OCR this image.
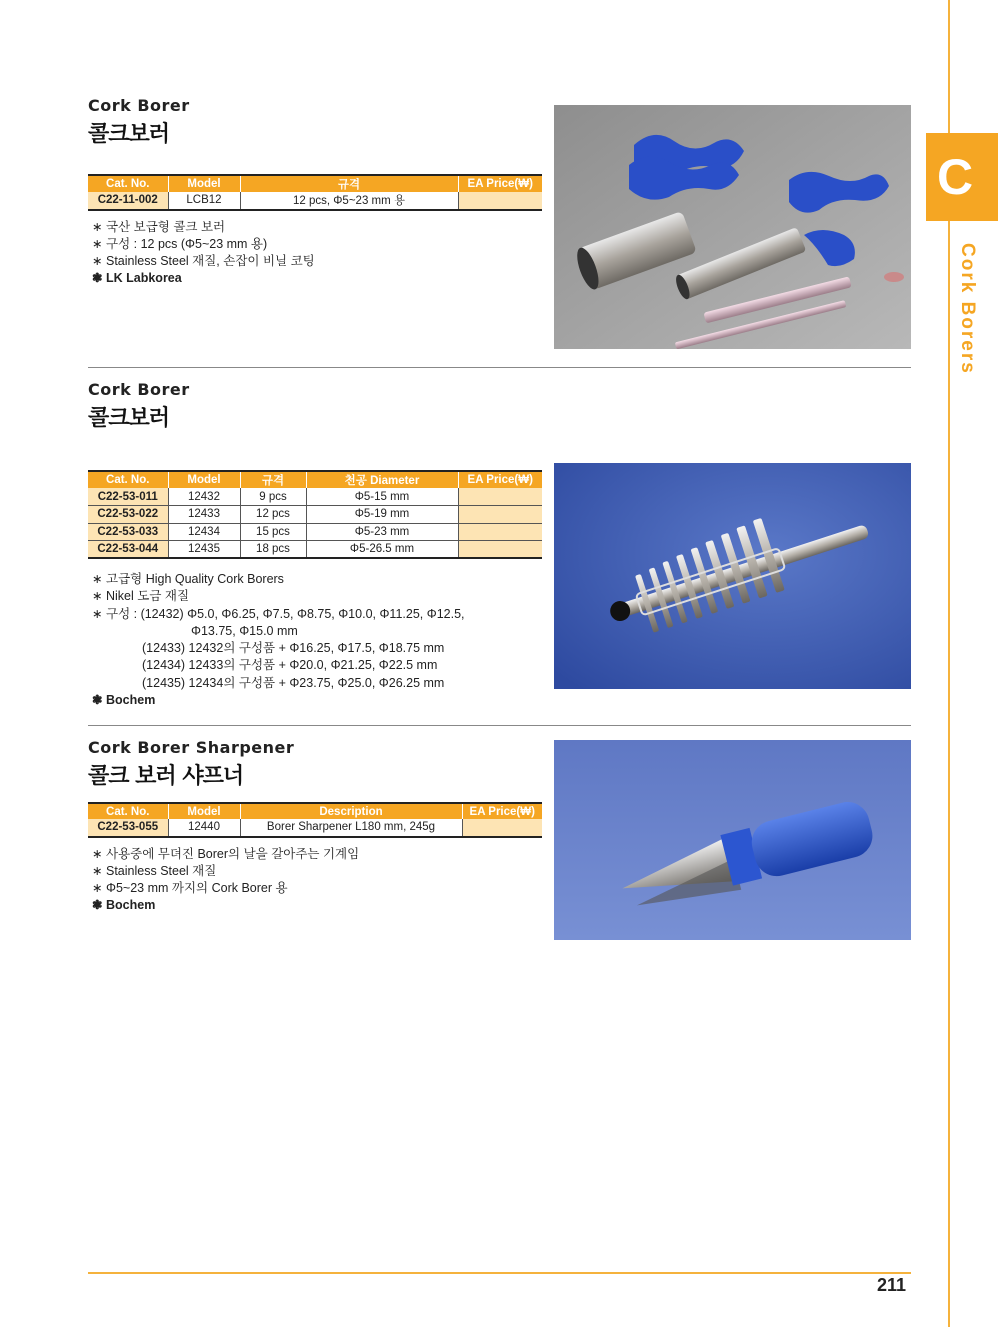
C
Cork Borers
Cork Borer
콜크보러
Cat. No.	Model	규격	EA Price(₩)
C22-11-002	LCB12	12 pcs, Φ5~23 mm 용	
∗ 국산 보급형 콜크 보러
∗ 구성 : 12 pcs (Φ5~23 mm 용)
∗ Stainless Steel 재질, 손잡이 비닐 코팅
❃ LK Labkorea
Cork Borer
콜크보러
Cat. No.	Model	규격	천공 Diameter	EA Price(₩)
C22-53-011	12432	9 pcs	Φ5-15 mm	
C22-53-022	12433	12 pcs	Φ5-19 mm	
C22-53-033	12434	15 pcs	Φ5-23 mm	
C22-53-044	12435	18 pcs	Φ5-26.5 mm	
∗ 고급형 High Quality Cork Borers
∗ Nikel 도금 재질
∗ 구성 : (12432) Φ5.0, Φ6.25, Φ7.5, Φ8.75, Φ10.0, Φ11.25, Φ12.5,
Φ13.75, Φ15.0 mm
(12433) 12432의 구성품 + Φ16.25, Φ17.5, Φ18.75 mm
(12434) 12433의 구성품 + Φ20.0, Φ21.25, Φ22.5 mm
(12435) 12434의 구성품 + Φ23.75, Φ25.0, Φ26.25 mm
❃ Bochem
Cork Borer Sharpener
콜크 보러 샤프너
Cat. No.	Model	Description	EA Price(₩)
C22-53-055	12440	Borer Sharpener L180 mm, 245g	
∗ 사용중에 무뎌진 Borer의 날을 갈아주는 기계임
∗ Stainless Steel 재질
∗ Φ5~23 mm 까지의 Cork Borer 용
❃ Bochem
211
